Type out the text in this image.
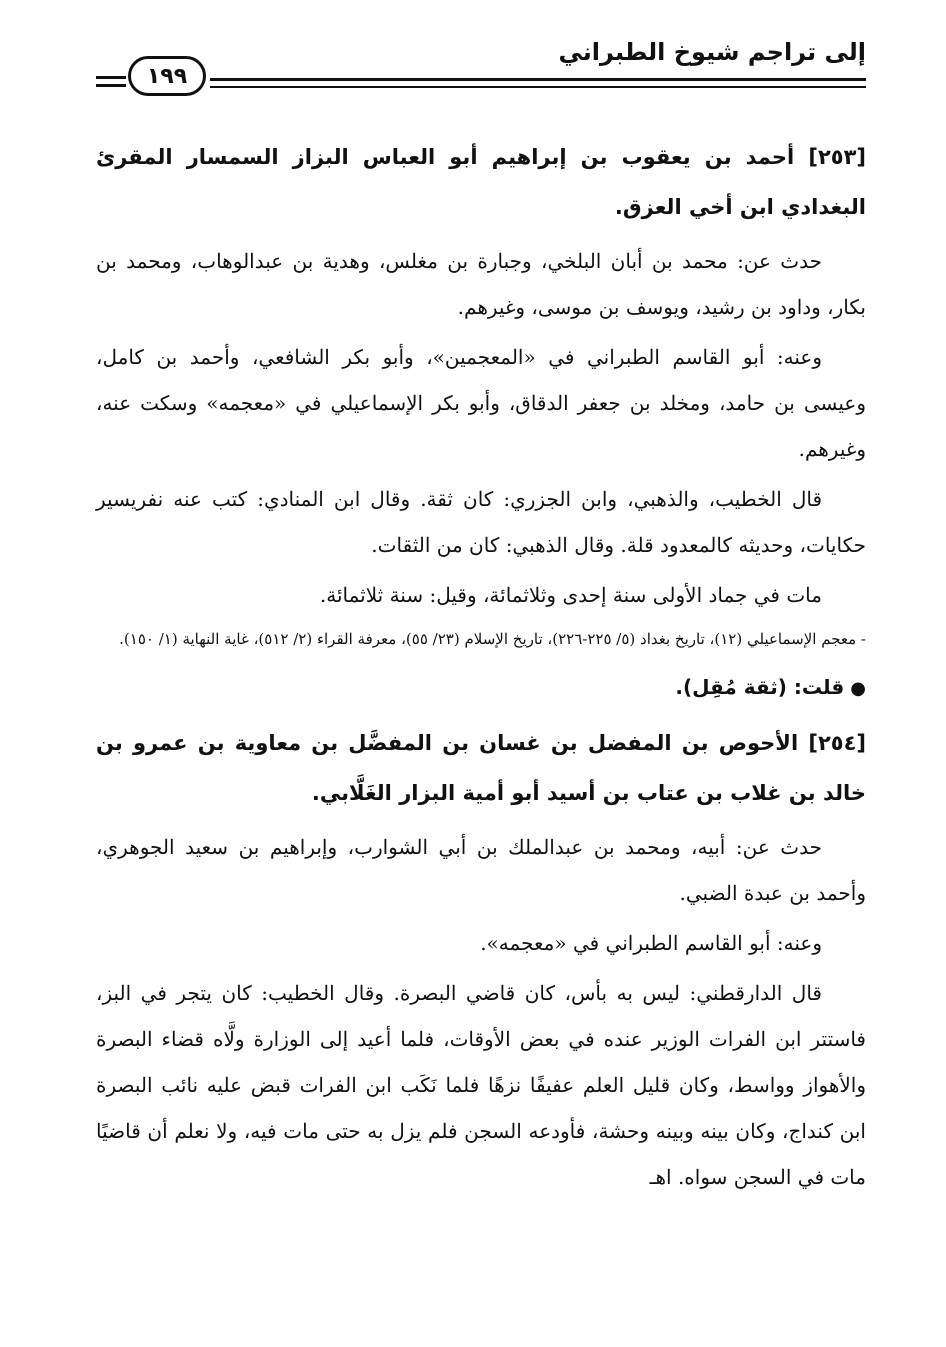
إلى تراجم شيوخ الطبراني
١٩٩

[٢٥٣] أحمد بن يعقوب بن إبراهيم أبو العباس البزاز السمسار المقرئ البغدادي ابن أخي العزق.

حدث عن: محمد بن أبان البلخي، وجبارة بن مغلس، وهدية بن عبدالوهاب، ومحمد بن بكار، وداود بن رشيد، ويوسف بن موسى، وغيرهم.

وعنه: أبو القاسم الطبراني في «المعجمين»، وأبو بكر الشافعي، وأحمد بن كامل، وعيسى بن حامد، ومخلد بن جعفر الدقاق، وأبو بكر الإسماعيلي في «معجمه» وسكت عنه، وغيرهم.

قال الخطيب، والذهبي، وابن الجزري: كان ثقة. وقال ابن المنادي: كتب عنه نفريسير حكايات، وحديثه كالمعدود قلة. وقال الذهبي: كان من الثقات.

مات في جماد الأولى سنة إحدى وثلاثمائة، وقيل: سنة ثلاثمائة.

- معجم الإسماعيلي (١٢)، تاريخ بغداد (٥/ ٢٢٥-٢٢٦)، تاريخ الإسلام (٢٣/ ٥٥)، معرفة القراء (٢/ ٥١٢)، غاية النهاية (١/ ١٥٠).

●قلت: (ثقة مُقِل).

[٢٥٤] الأحوص بن المفضل بن غسان بن المفضَّل بن معاوية بن عمرو بن خالد بن غلاب بن عتاب بن أسيد أبو أمية البزار الغَلَّابي.

حدث عن: أبيه، ومحمد بن عبدالملك بن أبي الشوارب، وإبراهيم بن سعيد الجوهري، وأحمد بن عبدة الضبي.

وعنه: أبو القاسم الطبراني في «معجمه».

قال الدارقطني: ليس به بأس، كان قاضي البصرة. وقال الخطيب: كان يتجر في البز، فاستتر ابن الفرات الوزير عنده في بعض الأوقات، فلما أعيد إلى الوزارة ولَّاه قضاء البصرة والأهواز وواسط، وكان قليل العلم عفيفًا نزهًا فلما نَكَب ابن الفرات قبض عليه نائب البصرة ابن كنداج، وكان بينه وبينه وحشة، فأودعه السجن فلم يزل به حتى مات فيه، ولا نعلم أن قاضيًا مات في السجن سواه. اهـ
